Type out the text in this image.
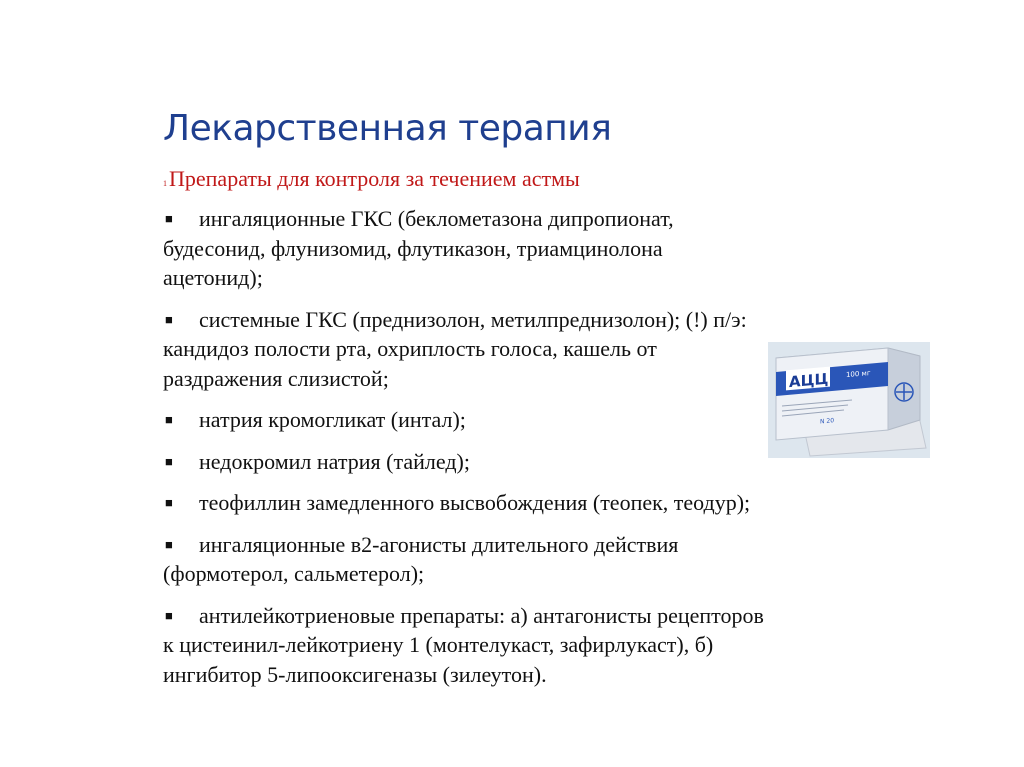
Лекарственная терапия
1Препараты для контроля за течением астмы
■ ингаляционные ГКС (беклометазона дипропионат,
будесонид, флунизомид, флутиказон, триамцинолона
ацетонид);
■ системные ГКС (преднизолон, метилпреднизолон); (!) п/э:
кандидоз полости рта, охриплость голоса, кашель от
раздражения слизистой;
■ натрия кромогликат (интал);
■ недокромил натрия (тайлед);
■ теофиллин замедленного высвобождения (теопек, теодур);
■ ингаляционные в2-агонисты длительного действия
(формотерол, сальметерол);
■ антилейкотриеновые препараты: а) антагонисты рецепторов
к цистеинил-лейкотриену 1 (монтелукаст, зафирлукаст), б)
ингибитор 5-липооксигеназы (зилеутон).
АЦЦ	100 мг
N 20
